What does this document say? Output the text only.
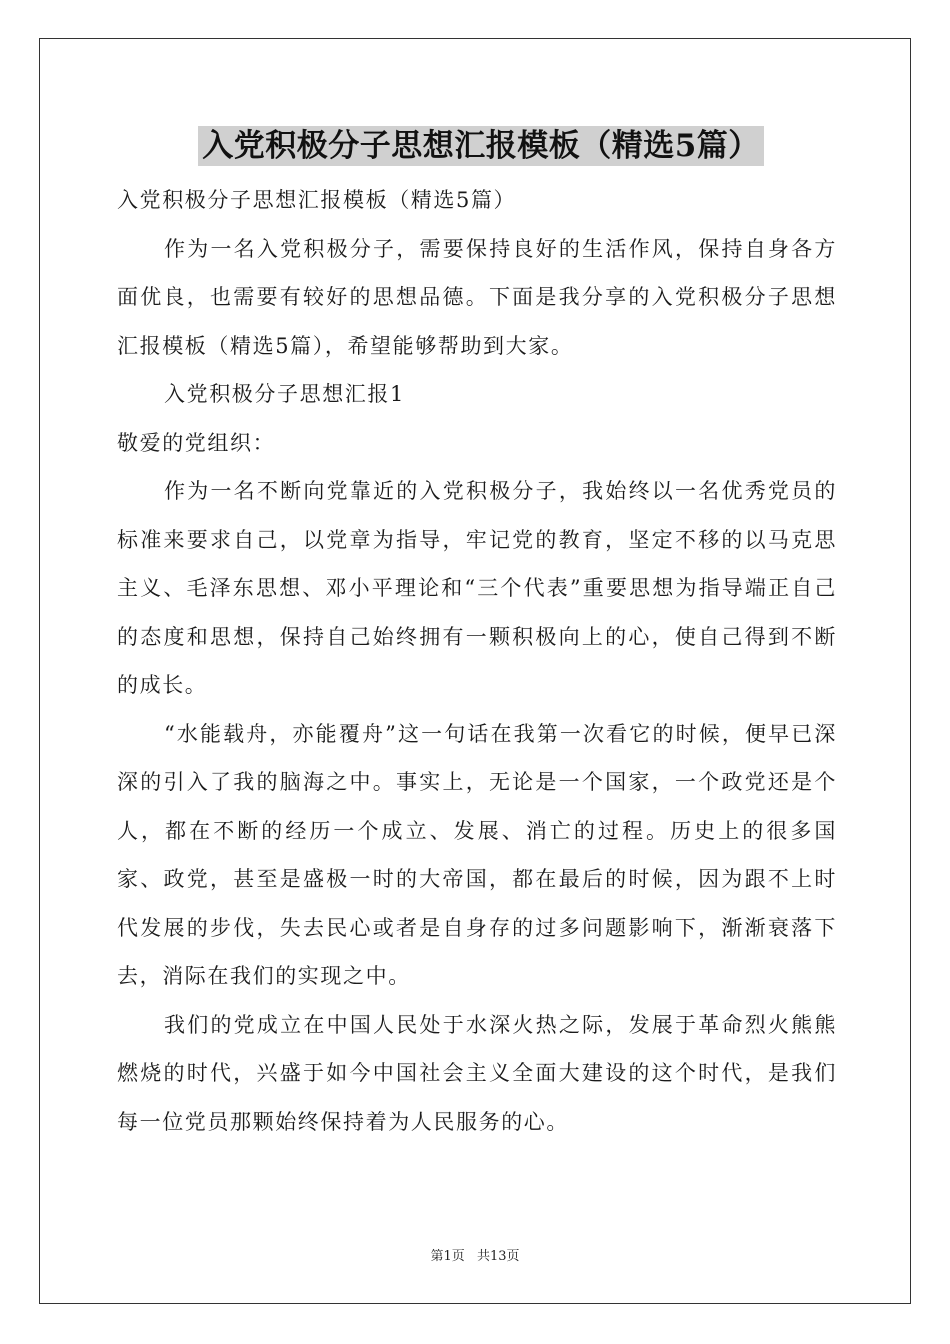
入党积极分子思想汇报模板（精选5篇）

入党积极分子思想汇报模板（精选5篇）

作为一名入党积极分子，需要保持良好的生活作风，保持自身各方面优良，也需要有较好的思想品德。下面是我分享的入党积极分子思想汇报模板（精选5篇），希望能够帮助到大家。

入党积极分子思想汇报1

敬爱的党组织：

作为一名不断向党靠近的入党积极分子，我始终以一名优秀党员的标准来要求自己，以党章为指导，牢记党的教育，坚定不移的以马克思主义、毛泽东思想、邓小平理论和“三个代表”重要思想为指导端正自己的态度和思想，保持自己始终拥有一颗积极向上的心，使自己得到不断的成长。

“水能载舟，亦能覆舟”这一句话在我第一次看它的时候，便早已深深的引入了我的脑海之中。事实上，无论是一个国家，一个政党还是个人，都在不断的经历一个成立、发展、消亡的过程。历史上的很多国家、政党，甚至是盛极一时的大帝国，都在最后的时候，因为跟不上时代发展的步伐，失去民心或者是自身存的过多问题影响下，渐渐衰落下去，消际在我们的实现之中。

我们的党成立在中国人民处于水深火热之际，发展于革命烈火熊熊燃烧的时代，兴盛于如今中国社会主义全面大建设的这个时代，是我们每一位党员那颗始终保持着为人民服务的心。

第1页 共13页
